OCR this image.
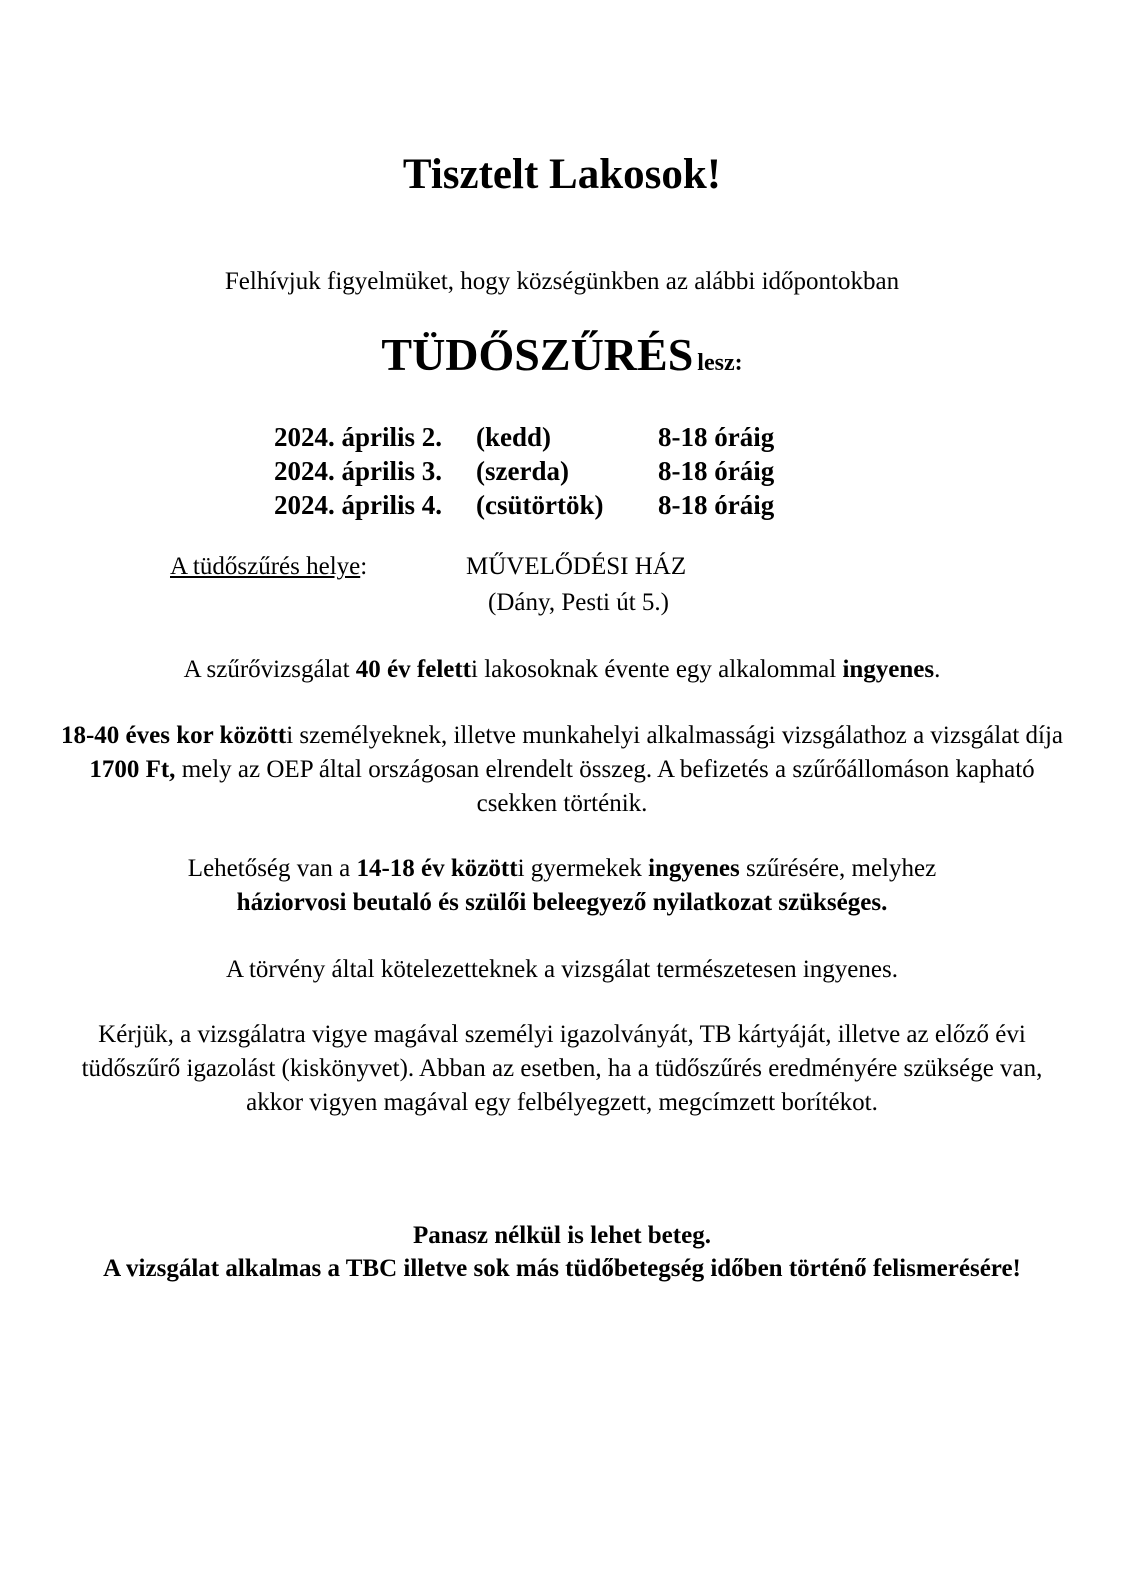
Tisztelt Lakosok!
Felhívjuk figyelmüket, hogy községünkben az alábbi időpontokban
TÜDŐSZŰRÉS lesz:
2024. április 2.	(kedd)	8-18 óráig
2024. április 3.	(szerda)	8-18 óráig
2024. április 4.	(csütörtök)	8-18 óráig
A tüdőszűrés helye:	MŰVELŐDÉSI HÁZ
(Dány, Pesti út 5.)
A szűrővizsgálat 40 év feletti lakosoknak évente egy alkalommal ingyenes.
18-40 éves kor közötti személyeknek, illetve munkahelyi alkalmassági vizsgálathoz a vizsgálat díja 1700 Ft, mely az OEP által országosan elrendelt összeg. A befizetés a szűrőállomáson kapható csekken történik.
Lehetőség van a 14-18 év közötti gyermekek ingyenes szűrésére, melyhez
háziorvosi beutaló és szülői beleegyező nyilatkozat szükséges.
A törvény által kötelezetteknek a vizsgálat természetesen ingyenes.
Kérjük, a vizsgálatra vigye magával személyi igazolványát, TB kártyáját, illetve az előző évi tüdőszűrő igazolást (kiskönyvet). Abban az esetben, ha a tüdőszűrés eredményére szüksége van, akkor vigyen magával egy felbélyegzett, megcímzett borítékot.
Panasz nélkül is lehet beteg.
A vizsgálat alkalmas a TBC illetve sok más tüdőbetegség időben történő felismerésére!
